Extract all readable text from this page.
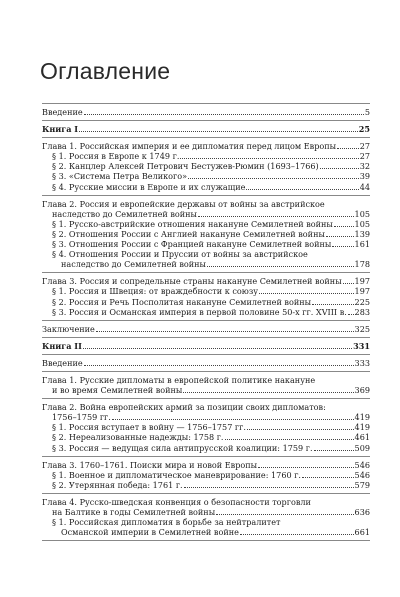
Оглавление
Введение	5
Книга I	25
Глава 1. Российская империя и ее дипломатия перед лицом Европы	27
§ 1. Россия в Европе к 1749 г.	27
§ 2. Канцлер Алексей Петрович Бестужев-Рюмин (1693–1766)	32
§ 3. «Система Петра Великого»	39
§ 4. Русские миссии в Европе и их служащие	44
Глава 2. Россия и европейские державы от войны за австрийское
наследство до Семилетней войны	105
§ 1. Русско-австрийские отношения накануне Семилетней войны	105
§ 2. Отношения России с Англией накануне Семилетней войны	139
§ 3. Отношения России с Францией накануне Семилетней войны	161
§ 4. Отношения России и Пруссии от войны за австрийское
наследство до Семилетней войны	178
Глава 3. Россия и сопредельные страны накануне Семилетней войны 197
§ 1. Россия и Швеция: от враждебности к союзу	197
§ 2. Россия и Речь Посполитая накануне Семилетней войны	225
§ 3. Россия и Османская империя в первой половине 50-х гг. XVIII в. 283
Заключение	325
Книга II	331
Введение	333
Глава 1. Русские дипломаты в европейской политике накануне
и во время Семилетней войны	369
Глава 2. Война европейских армий за позиции своих дипломатов:
1756–1759 гг.	419
§ 1. Россия вступает в войну — 1756–1757 гг.	419
§ 2. Нереализованные надежды: 1758 г.	461
§ 3. Россия — ведущая сила антипрусской коалиции: 1759 г.	509
Глава 3. 1760–1761. Поиски мира и новой Европы	546
§ 1. Военное и дипломатическое маневрирование: 1760 г.	546
§ 2. Утерянная победа: 1761 г.	579
Глава 4. Русско-шведская конвенция о безопасности торговли
на Балтике в годы Семилетней войны	636
§ 1. Российская дипломатия в борьбе за нейтралитет
Османской империи в Семилетней войне	661
